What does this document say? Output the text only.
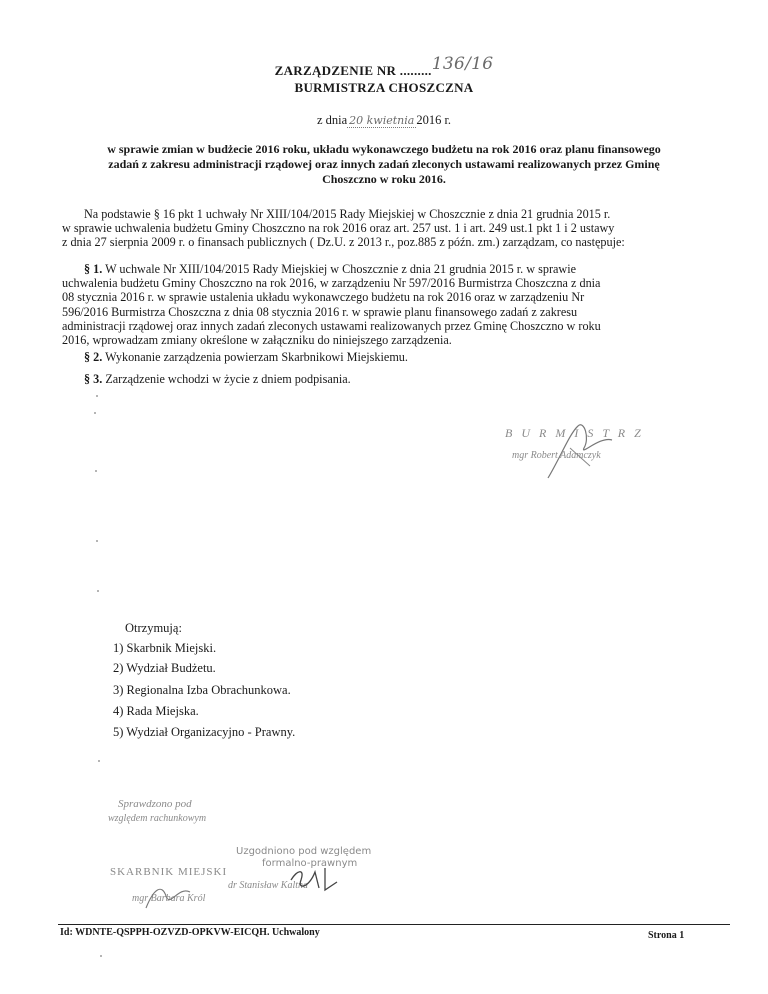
ZARZĄDZENIE NR .........136/16
BURMISTRZA CHOSZCZNA
z dnia 20 kwietnia 2016 r.
w sprawie zmian w budżecie 2016 roku, układu wykonawczego budżetu na rok 2016 oraz planu finansowego
zadań z zakresu administracji rządowej oraz innych zadań zleconych ustawami realizowanych przez Gminę
Choszczno w roku 2016.
Na podstawie § 16 pkt 1 uchwały Nr XIII/104/2015 Rady Miejskiej w Choszcznie z dnia 21 grudnia 2015 r.
w sprawie uchwalenia budżetu Gminy Choszczno na rok 2016 oraz art. 257 ust. 1 i art. 249 ust.1 pkt 1 i 2 ustawy
z dnia 27 sierpnia 2009 r. o finansach publicznych ( Dz.U. z 2013 r., poz.885 z późn. zm.) zarządzam, co następuje:
§ 1. W uchwale Nr XIII/104/2015 Rady Miejskiej w Choszcznie z dnia 21 grudnia 2015 r. w sprawie
uchwalenia budżetu Gminy Choszczno na rok 2016, w zarządzeniu Nr 597/2016 Burmistrza Choszczna z dnia
08 stycznia 2016 r. w sprawie ustalenia układu wykonawczego budżetu na rok 2016 oraz w zarządzeniu Nr
596/2016 Burmistrza Choszczna z dnia 08 stycznia 2016 r. w sprawie planu finansowego zadań z zakresu
administracji rządowej oraz innych zadań zleconych ustawami realizowanych przez Gminę Choszczno w roku
2016, wprowadzam zmiany określone w załączniku do niniejszego zarządzenia.
§ 2. Wykonanie zarządzenia powierzam Skarbnikowi Miejskiemu.
§ 3. Zarządzenie wchodzi w życie z dniem podpisania.
B U R M I S T R Z
mgr Robert Adamczyk
Otrzymują:
1) Skarbnik Miejski.
2) Wydział Budżetu.
3) Regionalna Izba Obrachunkowa.
4) Rada Miejska.
5) Wydział Organizacyjno - Prawny.
Sprawdzono pod
względem rachunkowym
SKARBNIK MIEJSKI
mgr Barbara Król
Uzgodniono pod względem
formalno-prawnym
dr Stanisław Kaltna
Id: WDNTE-QSPPH-OZVZD-OPKVW-EICQH. Uchwalony	Strona 1
